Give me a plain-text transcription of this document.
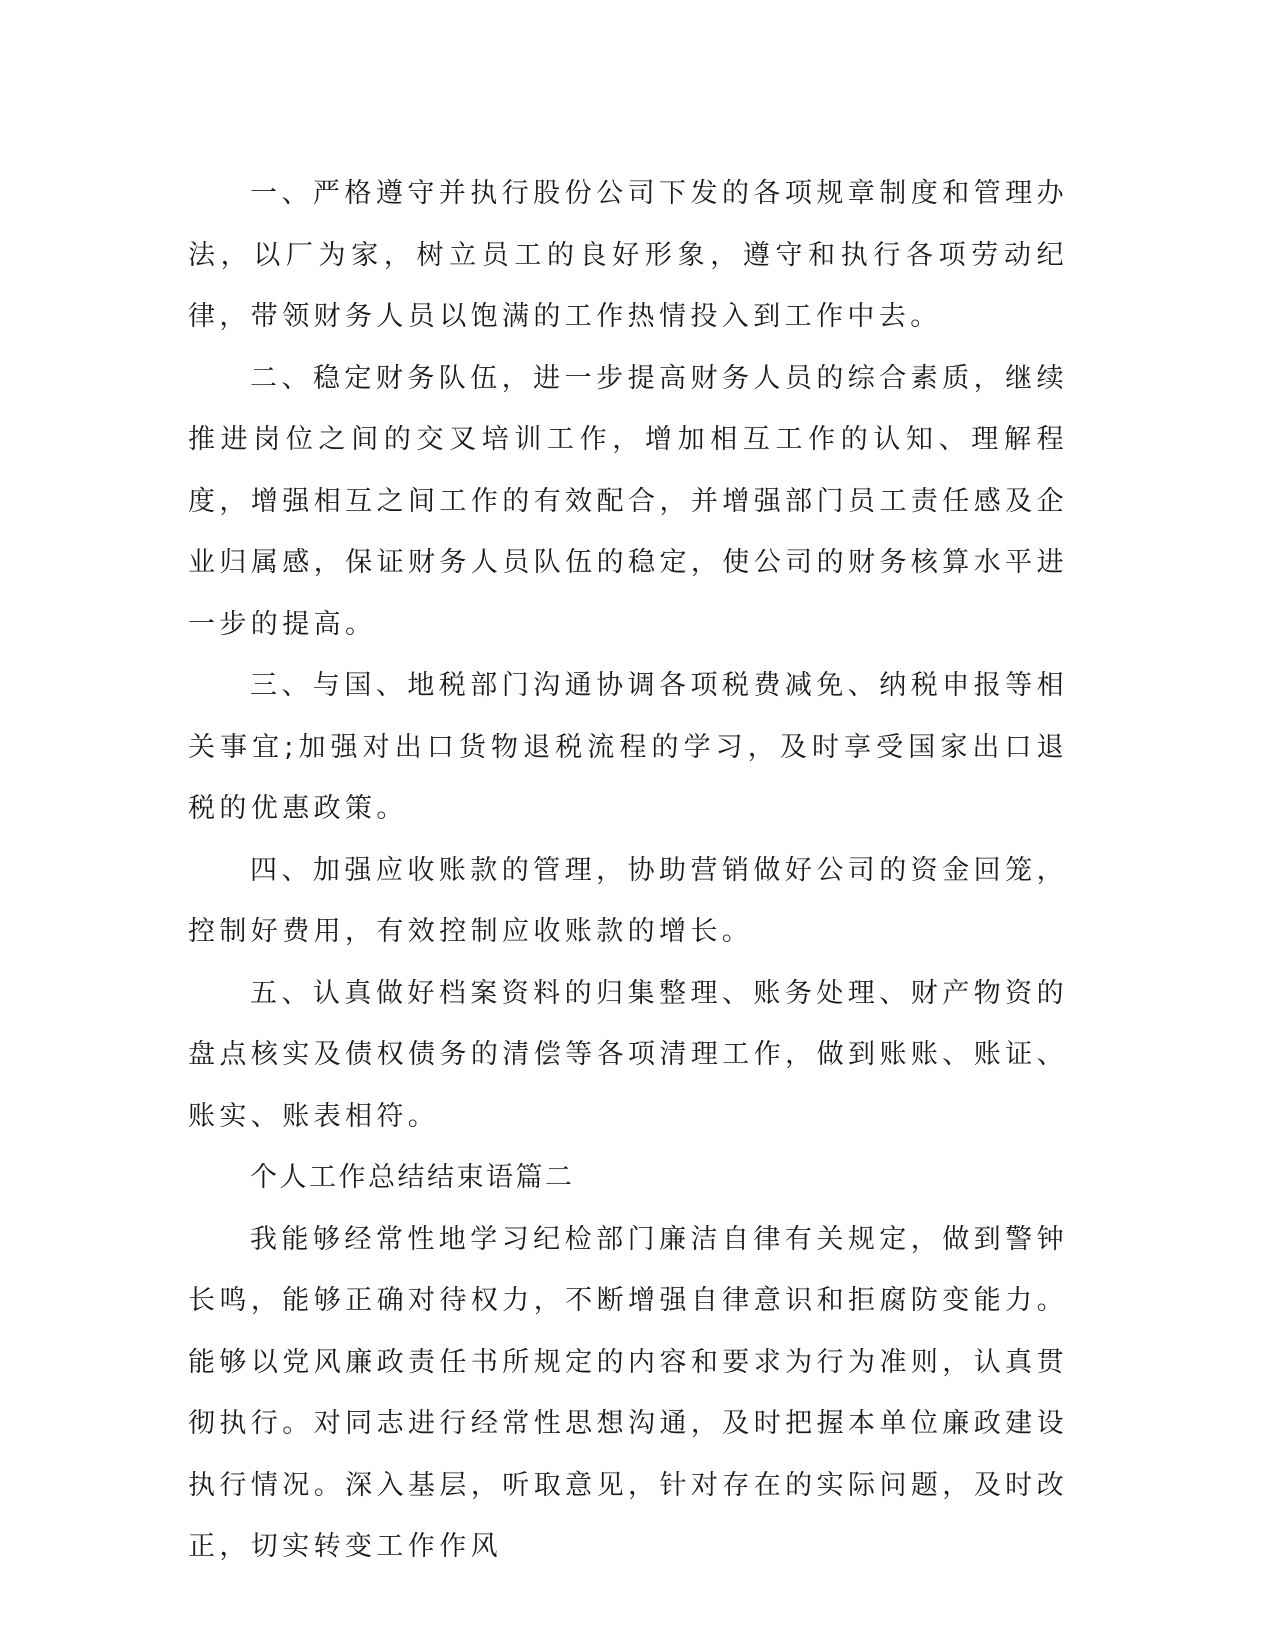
一、严格遵守并执行股份公司下发的各项规章制度和管理办法，以厂为家，树立员工的良好形象，遵守和执行各项劳动纪律，带领财务人员以饱满的工作热情投入到工作中去。

二、稳定财务队伍，进一步提高财务人员的综合素质，继续推进岗位之间的交叉培训工作，增加相互工作的认知、理解程度，增强相互之间工作的有效配合，并增强部门员工责任感及企业归属感，保证财务人员队伍的稳定，使公司的财务核算水平进一步的提高。

三、与国、地税部门沟通协调各项税费减免、纳税申报等相关事宜;加强对出口货物退税流程的学习，及时享受国家出口退税的优惠政策。

四、加强应收账款的管理，协助营销做好公司的资金回笼，控制好费用，有效控制应收账款的增长。

五、认真做好档案资料的归集整理、账务处理、财产物资的盘点核实及债权债务的清偿等各项清理工作，做到账账、账证、账实、账表相符。

个人工作总结结束语篇二

我能够经常性地学习纪检部门廉洁自律有关规定，做到警钟长鸣，能够正确对待权力，不断增强自律意识和拒腐防变能力。能够以党风廉政责任书所规定的内容和要求为行为准则，认真贯彻执行。对同志进行经常性思想沟通，及时把握本单位廉政建设执行情况。深入基层，听取意见，针对存在的实际问题，及时改正，切实转变工作作风
